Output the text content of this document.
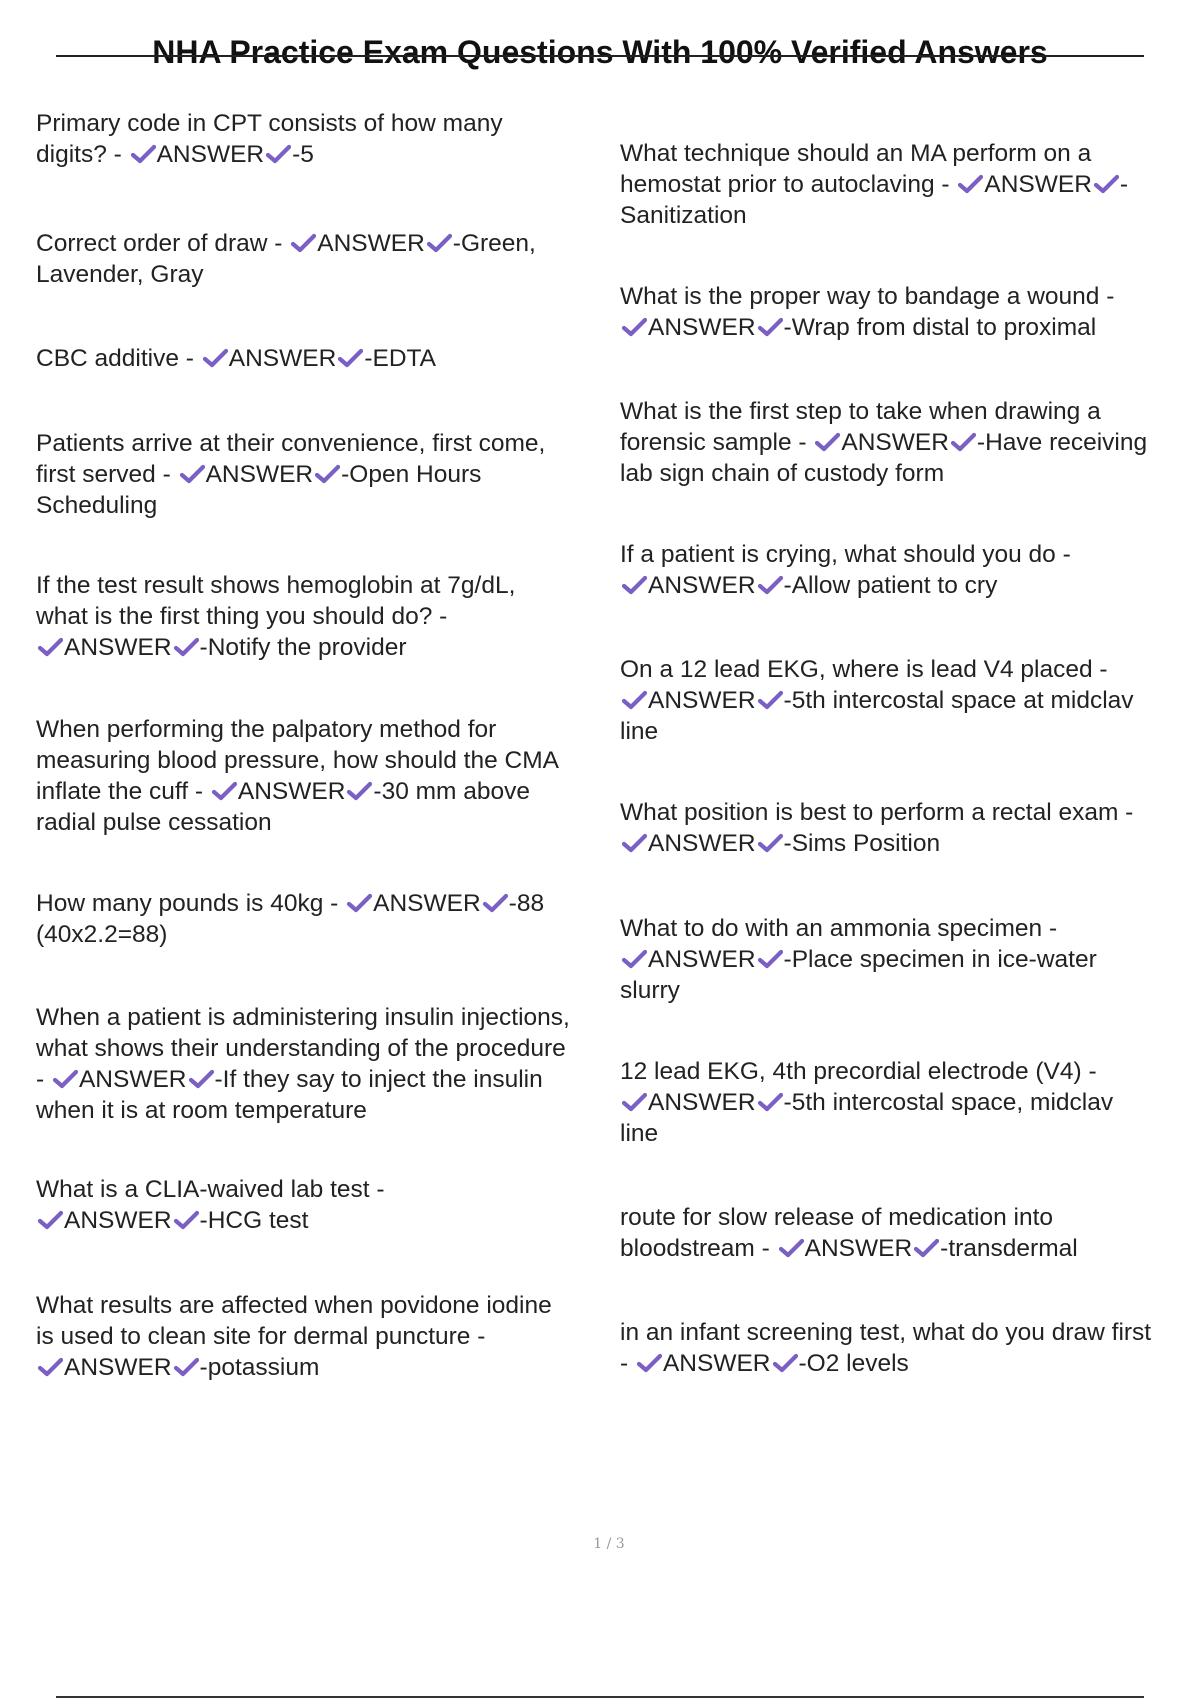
NHA Practice Exam Questions With 100% Verified Answers

Primary code in CPT consists of how many
digits? -
ANSWER -5

Correct order of draw -
ANSWER -Green,
Lavender, Gray

CBC additive -
ANSWER -EDTA

Patients arrive at their convenience, first come,
first served -
ANSWER -Open Hours
Scheduling

If the test result shows hemoglobin at 7g/dL,
what is the first thing you should do? -
ANSWER -Notify the provider

When performing the palpatory method for
measuring blood pressure, how should the CMA
inflate the cuff -
ANSWER -30 mm above
radial pulse cessation

How many pounds is 40kg -
ANSWER -88
(40x2.2=88)

When a patient is administering insulin injections,
what shows their understanding of the procedure
-
ANSWER -If they say to inject the insulin
when it is at room temperature

What is a CLIA-waived lab test -
ANSWER -HCG test

What results are affected when povidone iodine
is used to clean site for dermal puncture -
ANSWER -potassium

What technique should an MA perform on a
hemostat prior to autoclaving -
ANSWER -
Sanitization

What is the proper way to bandage a wound -
ANSWER -Wrap from distal to proximal

What is the first step to take when drawing a
forensic sample -
ANSWER -Have receiving
lab sign chain of custody form

If a patient is crying, what should you do -
ANSWER -Allow patient to cry

On a 12 lead EKG, where is lead V4 placed -
ANSWER -5th intercostal space at midclav
line

What position is best to perform a rectal exam -
ANSWER -Sims Position

What to do with an ammonia specimen -
ANSWER -Place specimen in ice-water
slurry

12 lead EKG, 4th precordial electrode (V4) -
ANSWER -5th intercostal space, midclav
line

route for slow release of medication into
bloodstream -
ANSWER -transdermal

in an infant screening test, what do you draw first
-
ANSWER -O2 levels

1 / 3
